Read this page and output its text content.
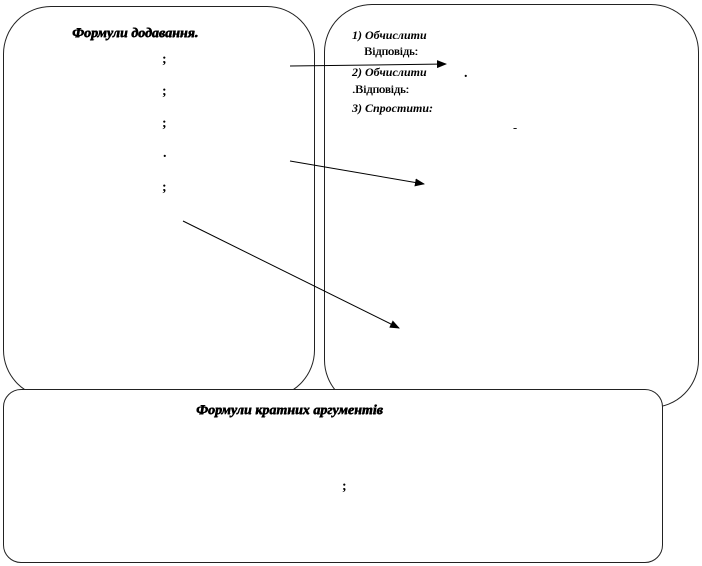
Формули додавання.
;
;
;
.
;
1) Обчислити
Відповідь:
2) Обчислити	.
.Відповідь:
3) Спростити:
-
Формули кратних аргументів
;
